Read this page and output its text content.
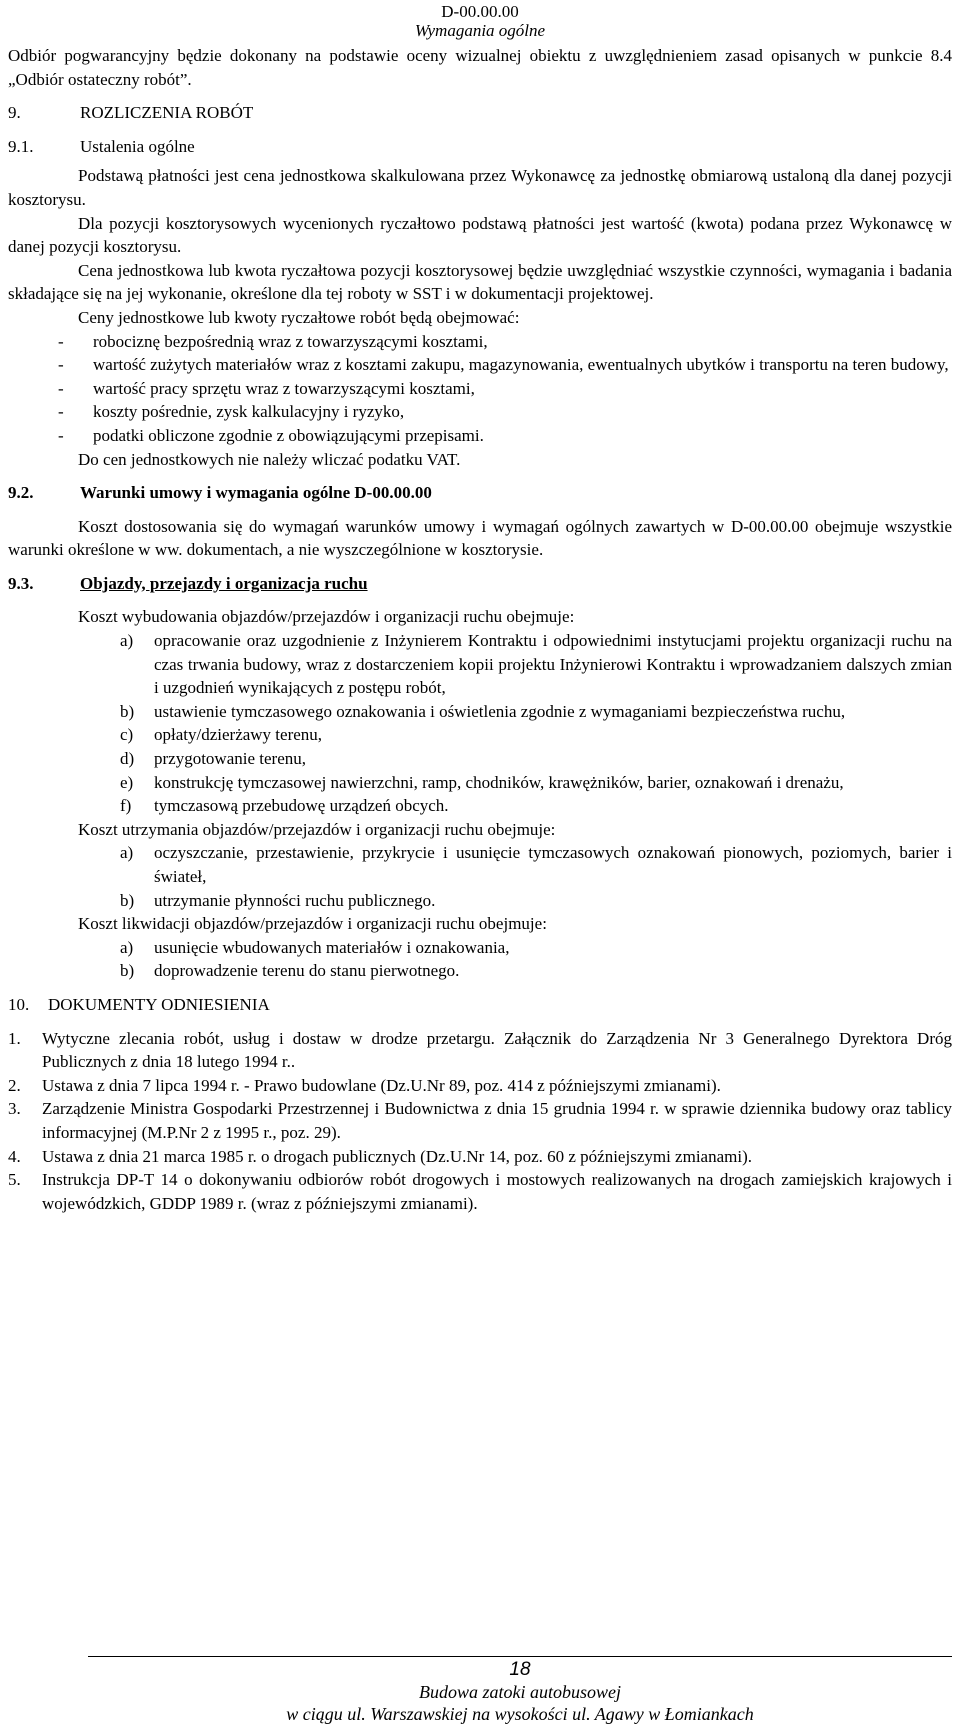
D-00.00.00
Wymagania ogólne

Odbiór pogwarancyjny będzie dokonany na podstawie oceny wizualnej obiektu z uwzględnieniem zasad opisanych w punkcie 8.4 „Odbiór ostateczny robót”.

9.	ROZLICZENIA ROBÓT
9.1.	Ustalenia ogólne

Podstawą płatności jest cena jednostkowa skalkulowana przez Wykonawcę za jednostkę obmiarową ustaloną dla danej pozycji kosztorysu.

Dla pozycji kosztorysowych wycenionych ryczałtowo podstawą płatności jest wartość (kwota) podana przez Wykonawcę w danej pozycji kosztorysu.

Cena jednostkowa lub kwota ryczałtowa pozycji kosztorysowej będzie uwzględniać wszystkie czynności, wymagania i badania składające się na jej wykonanie, określone dla tej roboty w SST i w dokumentacji projektowej.

Ceny jednostkowe lub kwoty ryczałtowe robót będą obejmować:

-	robociznę bezpośrednią wraz z towarzyszącymi kosztami,
-	wartość zużytych materiałów wraz z kosztami zakupu, magazynowania, ewentualnych ubytków i transportu na teren budowy,
-	wartość pracy sprzętu wraz z towarzyszącymi kosztami,
-	koszty pośrednie, zysk kalkulacyjny i ryzyko,
-	podatki obliczone zgodnie z obowiązującymi przepisami.

Do cen jednostkowych nie należy wliczać podatku VAT.

9.2.	Warunki umowy i wymagania ogólne D-00.00.00

Koszt dostosowania się do wymagań warunków umowy i wymagań ogólnych zawartych w D-00.00.00 obejmuje wszystkie warunki określone w ww. dokumentach, a nie wyszczególnione w kosztorysie.

9.3.	Objazdy, przejazdy i organizacja ruchu

Koszt wybudowania objazdów/przejazdów i organizacji ruchu obejmuje:

a)	opracowanie oraz uzgodnienie z Inżynierem Kontraktu i odpowiednimi instytucjami projektu organizacji ruchu na czas trwania budowy, wraz z dostarczeniem kopii projektu Inżynierowi Kontraktu i wprowadzaniem dalszych zmian i uzgodnień wynikających z postępu robót,
b)	ustawienie tymczasowego oznakowania i oświetlenia zgodnie z wymaganiami bezpieczeństwa ruchu,
c)	opłaty/dzierżawy terenu,
d)	przygotowanie terenu,
e)	konstrukcję tymczasowej nawierzchni, ramp, chodników, krawężników, barier, oznakowań i drenażu,
f)	tymczasową przebudowę urządzeń obcych.

Koszt utrzymania objazdów/przejazdów i organizacji ruchu obejmuje:

a)	oczyszczanie, przestawienie, przykrycie i usunięcie tymczasowych oznakowań pionowych, poziomych, barier i świateł,
b)	utrzymanie płynności ruchu publicznego.

Koszt likwidacji objazdów/przejazdów i organizacji ruchu obejmuje:

a)	usunięcie wbudowanych materiałów i oznakowania,
b)	doprowadzenie terenu do stanu pierwotnego.
10.	DOKUMENTY ODNIESIENIA
1.	Wytyczne zlecania robót, usług i dostaw w drodze przetargu. Załącznik do Zarządzenia Nr 3 Generalnego Dyrektora Dróg Publicznych z dnia 18 lutego 1994 r..
2.	Ustawa z dnia 7 lipca 1994 r. - Prawo budowlane (Dz.U.Nr 89, poz. 414 z późniejszymi zmianami).
3.	Zarządzenie Ministra Gospodarki Przestrzennej i Budownictwa z dnia 15 grudnia 1994 r. w sprawie dziennika budowy oraz tablicy informacyjnej (M.P.Nr 2 z 1995 r., poz. 29).
4.	Ustawa z dnia 21 marca 1985 r. o drogach publicznych (Dz.U.Nr 14, poz. 60 z późniejszymi zmianami).
5.	Instrukcja DP-T 14 o dokonywaniu odbiorów robót drogowych i mostowych realizowanych na drogach zamiejskich krajowych i wojewódzkich, GDDP 1989 r. (wraz z późniejszymi zmianami).
18
Budowa zatoki autobusowej
w ciągu ul. Warszawskiej na wysokości ul. Agawy w Łomiankach
